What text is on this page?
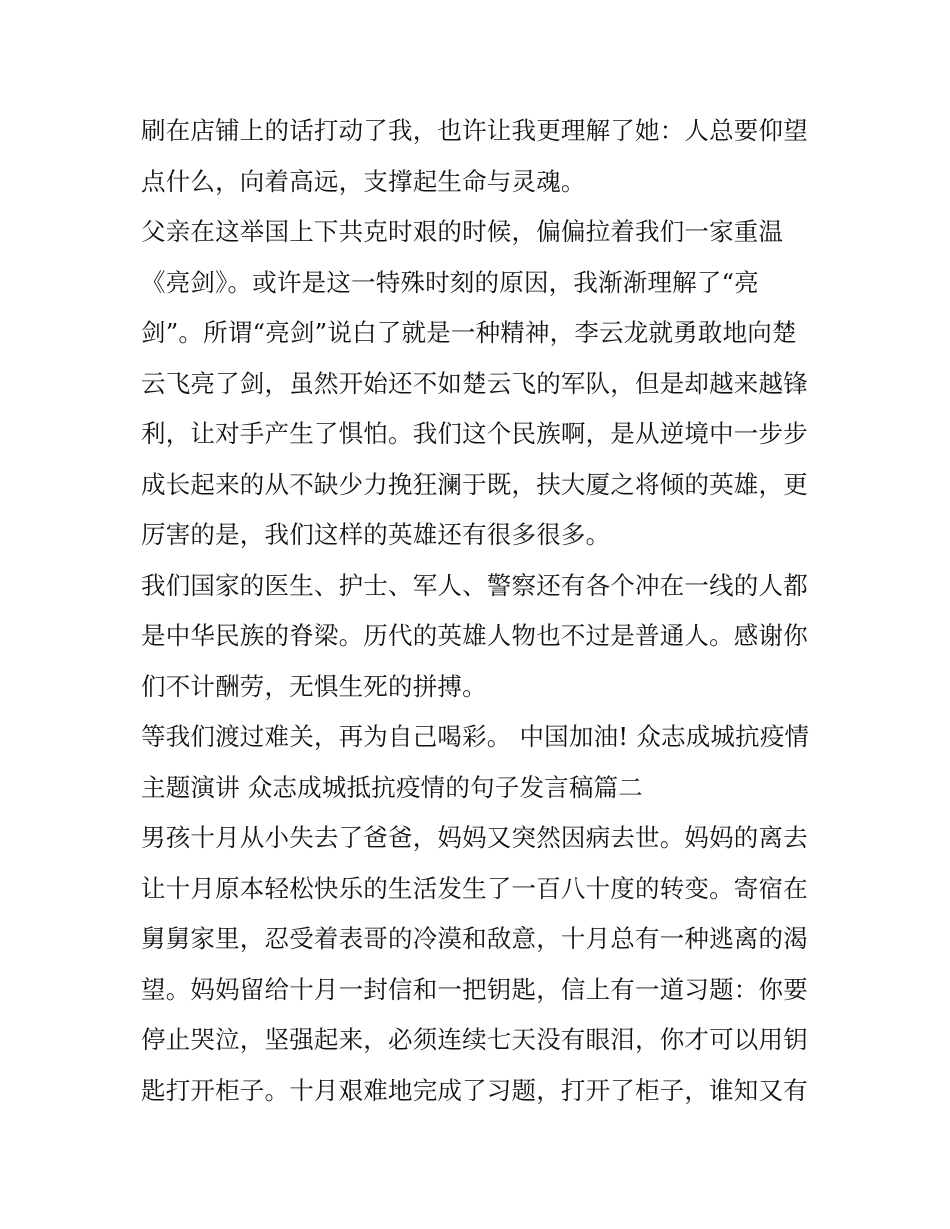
刷在店铺上的话打动了我，也许让我更理解了她：人总要仰望
点什么，向着高远，支撑起生命与灵魂。
父亲在这举国上下共克时艰的时候，偏偏拉着我们一家重温
《亮剑》。或许是这一特殊时刻的原因，我渐渐理解了“亮
剑”。所谓“亮剑”说白了就是一种精神，李云龙就勇敢地向楚
云飞亮了剑，虽然开始还不如楚云飞的军队，但是却越来越锋
利，让对手产生了惧怕。我们这个民族啊，是从逆境中一步步
成长起来的从不缺少力挽狂澜于既，扶大厦之将倾的英雄，更
厉害的是，我们这样的英雄还有很多很多。
我们国家的医生、护士、军人、警察还有各个冲在一线的人都
是中华民族的脊梁。历代的英雄人物也不过是普通人。感谢你
们不计酬劳，无惧生死的拼搏。
等我们渡过难关，再为自己喝彩。 中国加油! 众志成城抗疫情
主题演讲 众志成城抵抗疫情的句子发言稿篇二
男孩十月从小失去了爸爸，妈妈又突然因病去世。妈妈的离去
让十月原本轻松快乐的生活发生了一百八十度的转变。寄宿在
舅舅家里，忍受着表哥的冷漠和敌意，十月总有一种逃离的渴
望。妈妈留给十月一封信和一把钥匙，信上有一道习题：你要
停止哭泣，坚强起来，必须连续七天没有眼泪，你才可以用钥
匙打开柜子。十月艰难地完成了习题，打开了柜子，谁知又有
